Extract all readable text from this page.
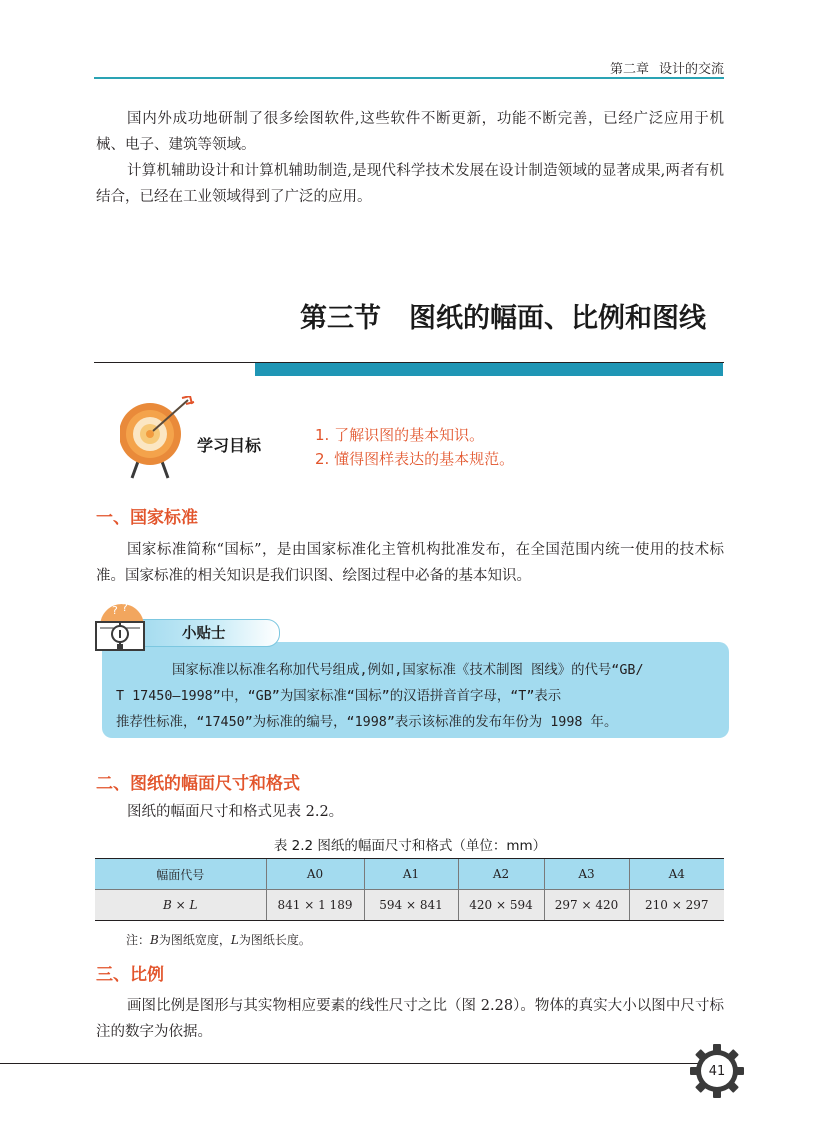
第二章 设计的交流

国内外成功地研制了很多绘图软件,这些软件不断更新，功能不断完善，已经广泛应用于机械、电子、建筑等领域。

计算机辅助设计和计算机辅助制造,是现代科学技术发展在设计制造领域的显著成果,两者有机结合，已经在工业领域得到了广泛的应用。

第三节 图纸的幅面、比例和图线
学习目标
1. 了解识图的基本知识。
2. 懂得图样表达的基本规范。
一、国家标准

国家标准简称“国标”，是由国家标准化主管机构批准发布，在全国范围内统一使用的技术标准。国家标准的相关知识是我们识图、绘图过程中必备的基本知识。

小贴士
? ?

国家标准以标准名称加代号组成,例如,国家标准《技术制图 图线》的代号“GB/

T 17450—1998”中，“GB”为国家标准“国标”的汉语拼音首字母，“T”表示

推荐性标准，“17450”为标准的编号，“1998”表示该标准的发布年份为 1998 年。

二、图纸的幅面尺寸和格式

图纸的幅面尺寸和格式见表 2.2。

表 2.2 图纸的幅面尺寸和格式（单位：mm）
幅面代号	A0	A1	A2	A3	A4
B × L	841 × 1 189	594 × 841	420 × 594	297 × 420	210 × 297
注：B为图纸宽度，L为图纸长度。
三、比例

画图比例是图形与其实物相应要素的线性尺寸之比（图 2.28）。物体的真实大小以图中尺寸标注的数字为依据。

41
